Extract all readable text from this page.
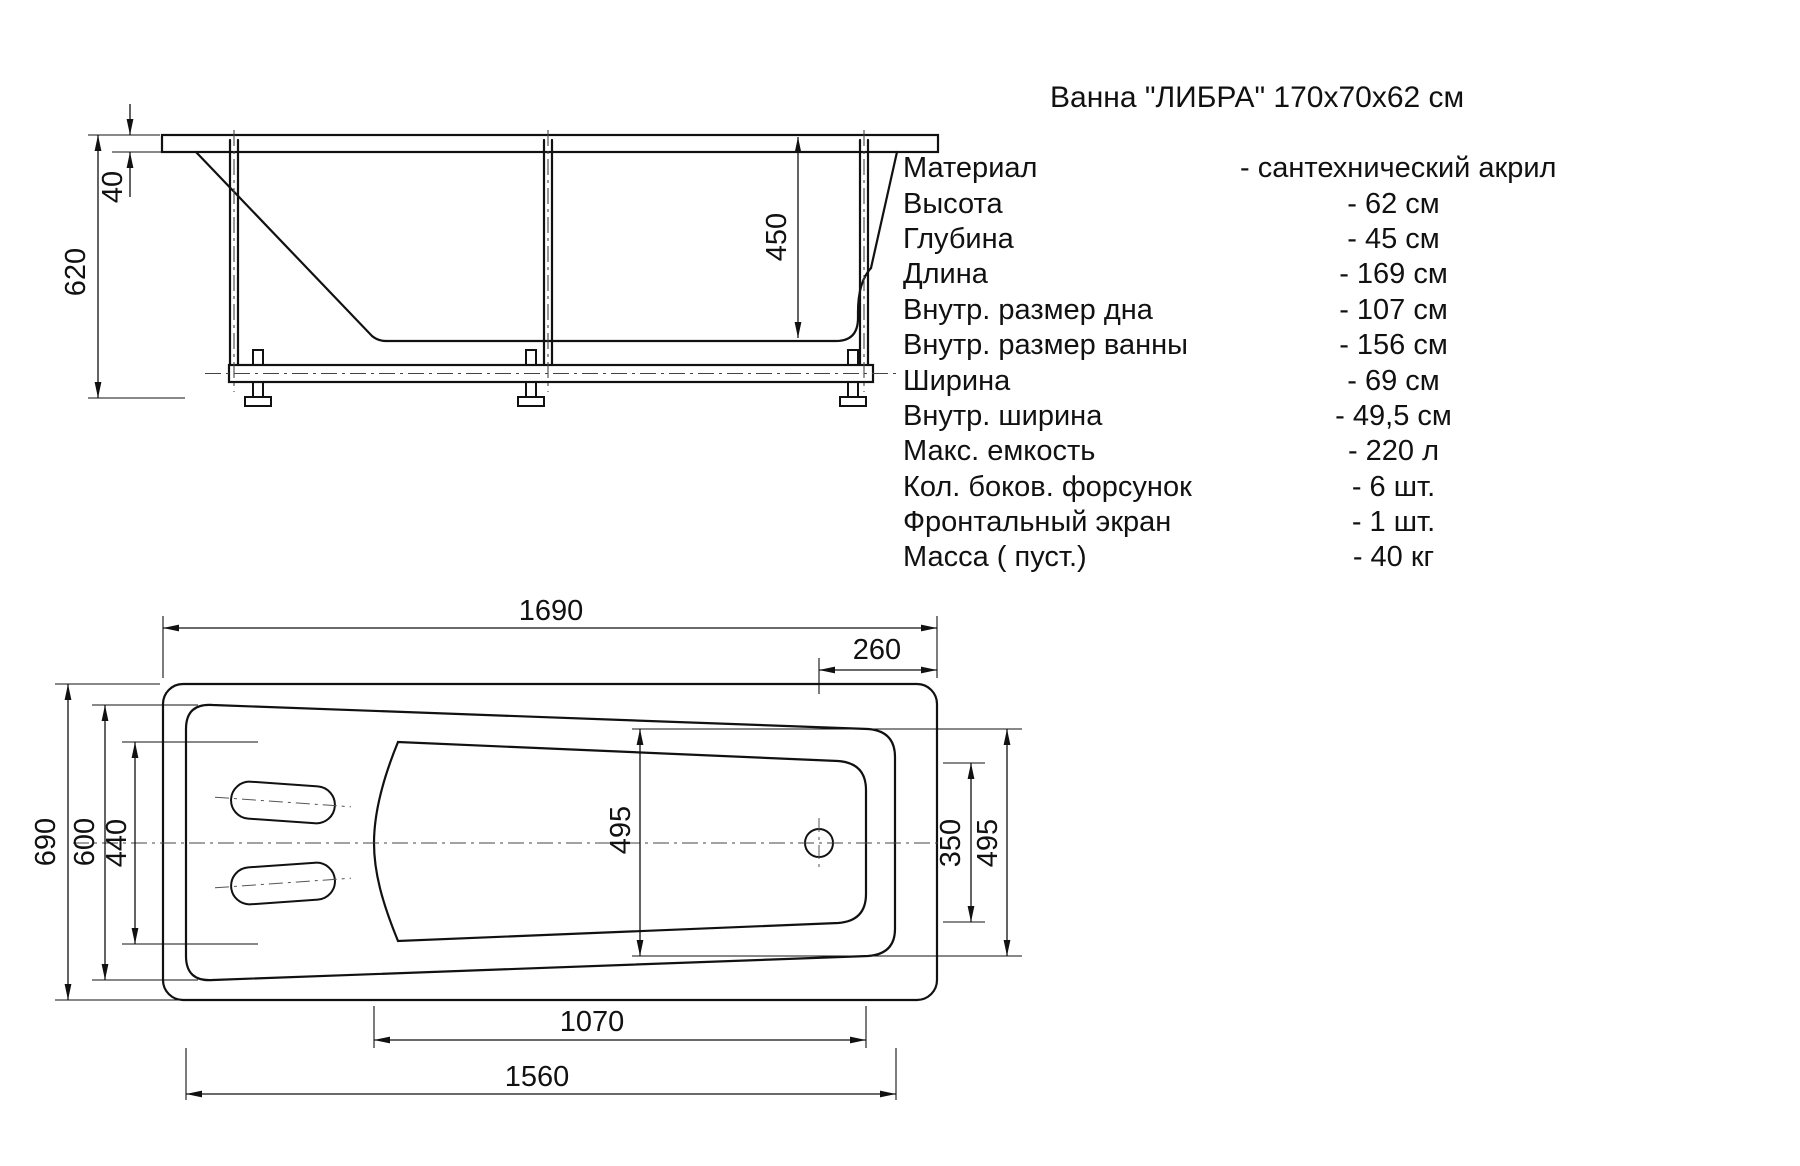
620
40
450
1690
260
690 600 440	495	350 495
1070
1560
Ванна "ЛИБРА" 170x70x62 см
Материал	- сантехнический акрил
Высота	- 62 см
Глубина	- 45 см
Длина	- 169 см
Внутр. размер дна	- 107 см
Внутр. размер ванны	- 156 см
Ширина	- 69 см
Внутр. ширина	- 49,5 см
Макс. емкость	- 220 л
Кол. боков. форсунок	- 6 шт.
Фронтальный экран	- 1 шт.
Масса ( пуст.)	- 40 кг
